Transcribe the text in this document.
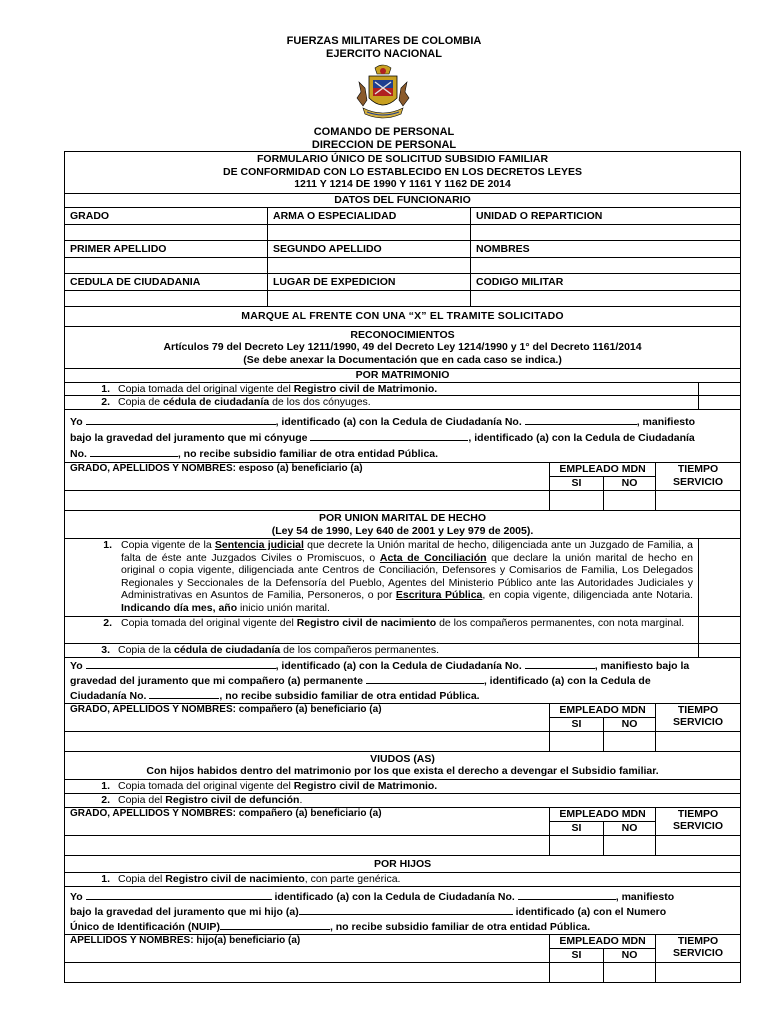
FUERZAS MILITARES DE COLOMBIA
EJERCITO NACIONAL
COMANDO DE PERSONAL
DIRECCION DE PERSONAL
FORMULARIO ÚNICO DE SOLICITUD SUBSIDIO FAMILIAR
DE CONFORMIDAD CON LO ESTABLECIDO EN LOS DECRETOS LEYES
1211 Y 1214 DE 1990 Y 1161 Y 1162 DE 2014						

DATOS DEL FUNCIONARIO						
GRADO	ARMA O ESPECIALIDAD	UNIDAD O REPARTICION				

PRIMER APELLIDO	SEGUNDO APELLIDO	NOMBRES				

CEDULA DE CIUDADANIA	LUGAR DE EXPEDICION	CODIGO MILITAR				

MARQUE AL FRENTE CON UNA “X” EL TRAMITE SOLICITADO						

RECONOCIMIENTOS
Artículos 79 del Decreto Ley 1211/1990, 49 del Decreto Ley 1214/1990 y 1° del Decreto 1161/2014
(Se debe anexar la Documentación que en cada caso se indica.)						

POR MATRIMONIO						
1. Copia tomada del original vigente del Registro civil de Matrimonio.						
2. Copia de cédula de ciudadanía de los dos cónyuges.						

Yo , identificado (a) con la Cedula de Ciudadanía No. , manifiesto
bajo la gravedad del juramento que mi cónyuge , identificado (a) con la Cedula de Ciudadanía
No. , no recibe subsidio familiar de otra entidad Pública.						

GRADO, APELLIDOS Y NOMBRES: esposo (a) beneficiario (a)			EMPLEADO MDN		TIEMPO
SERVICIO	

			SI	NO		

POR UNION MARITAL DE HECHO
(Ley 54 de 1990, Ley 640 de 2001 y Ley 979 de 2005).						

1. Copia vigente de la Sentencia judicial que decrete la Unión marital de hecho, diligenciada ante un Juzgado de Familia, a falta de éste ante Juzgados Civiles o Promiscuos, o Acta de Conciliación que declare la unión marital de hecho en original o copia vigente, diligenciada ante Centros de Conciliación, Defensores y Comisarios de Familia, Los Delegados Regionales y Seccionales de la Defensoría del Pueblo, Agentes del Ministerio Público ante las Autoridades Judiciales y Administrativas en Asuntos de Familia, Personeros, o por Escritura Pública, en copia vigente, diligenciada ante Notaria. Indicando día mes, año inicio unión marital.						

2. Copia tomada del original vigente del Registro civil de nacimiento de los compañeros permanentes, con nota marginal.						

3. Copia de la cédula de ciudadanía de los compañeros permanentes.						

Yo , identificado (a) con la Cedula de Ciudadanía No. , manifiesto bajo la
gravedad del juramento que mi compañero (a) permanente , identificado (a) con la Cedula de
Ciudadanía No. , no recibe subsidio familiar de otra entidad Pública.						

GRADO, APELLIDOS Y NOMBRES: compañero (a) beneficiario (a)			EMPLEADO MDN		TIEMPO
SERVICIO	

			SI	NO		

VIUDOS (AS)
Con hijos habidos dentro del matrimonio por los que exista el derecho a devengar el Subsidio familiar.						

1. Copia tomada del original vigente del Registro civil de Matrimonio.						
2. Copia del Registro civil de defunción.						
GRADO, APELLIDOS Y NOMBRES: compañero (a) beneficiario (a)			EMPLEADO MDN		TIEMPO
SERVICIO	

			SI	NO		

POR HIJOS						
1. Copia del Registro civil de nacimiento, con parte genérica.						

Yo identificado (a) con la Cedula de Ciudadanía No. , manifiesto
bajo la gravedad del juramento que mi hijo (a) identificado (a) con el Numero
Único de Identificación (NUIP) , no recibe subsidio familiar de otra entidad Pública.						

APELLIDOS Y NOMBRES: hijo(a) beneficiario (a)			EMPLEADO MDN		TIEMPO
SERVICIO	

			SI	NO		
